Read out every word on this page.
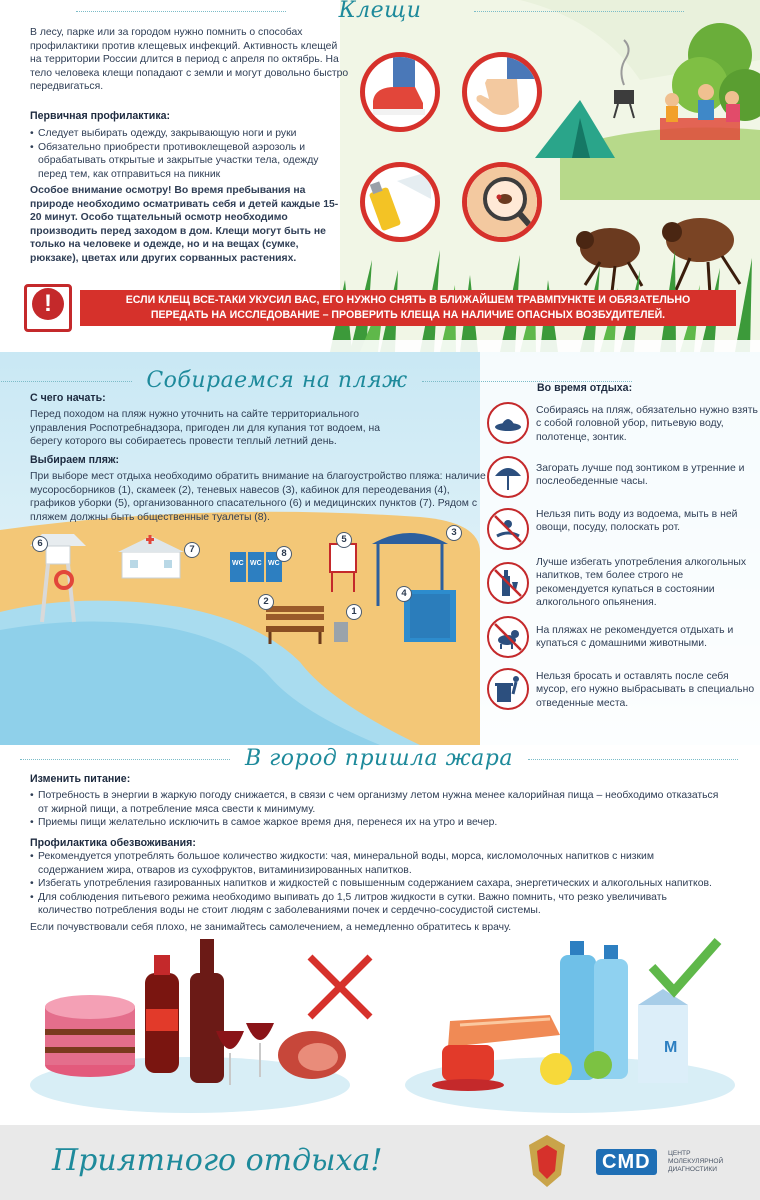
Клещи

В лесу, парке или за городом нужно помнить о способах профилактики против клещевых инфекций. Активность клещей на территории России длится в период с апреля по октябрь. На тело человека клещи попадают с земли и могут довольно быстро передвигаться.

Первичная профилактика:
• Следует выбирать одежду, закрывающую ноги и руки
• Обязательно приобрести противоклещевой аэрозоль и обрабатывать открытые и закрытые участки тела, одежду перед тем, как отправиться на пикник

Особое внимание осмотру! Во время пребывания на природе необходимо осматривать себя и детей каждые 15-20 минут. Особо тщательный осмотр необходимо производить перед заходом в дом. Клещи могут быть не только на человеке и одежде, но и на вещах (сумке, рюкзаке), цветах или других сорванных растениях.

!	ЕСЛИ КЛЕЩ ВСЕ-ТАКИ УКУСИЛ ВАС, ЕГО НУЖНО СНЯТЬ В БЛИЖАЙШЕМ ТРАВМПУНКТЕ И ОБЯЗАТЕЛЬНО
ПЕРЕДАТЬ НА ИССЛЕДОВАНИЕ – ПРОВЕРИТЬ КЛЕЩА НА НАЛИЧИЕ ОПАСНЫХ ВОЗБУДИТЕЛЕЙ.
Собираемся на пляж
С чего начать:

Перед походом на пляж нужно уточнить на сайте территориального управления Роспотребнадзора, пригоден ли для купания тот водоем, на берегу которого вы собираетесь провести теплый летний день.

Выбираем пляж:

При выборе мест отдыха необходимо обратить внимание на благоустройство пляжа: наличие мусоросборников (1), скамеек (2), теневых навесов (3), кабинок для переодевания (4), графиков уборки (5), организованного спасательного (6) и медицинских пунктов (7). Рядом с пляжем должны быть общественные туалеты (8).

WC WC WC
6
7	8
5
3
4
2
1
Во время отдыха:
Собираясь на пляж, обязательно нужно взять с собой головной убор, питьевую воду, полотенце, зонтик.
Загорать лучше под зонтиком в утренние и послеобеденные часы.
Нельзя пить воду из водоема, мыть в ней овощи, посуду, полоскать рот.
Лучше избегать употребления алкогольных напитков, тем более строго не рекомендуется купаться в состоянии алкогольного опьянения.
На пляжах не рекомендуется отдыхать и купаться с домашними животными.
Нельзя бросать и оставлять после себя мусор, его нужно выбрасывать в специально отведенные места.
В город пришла жара
Изменить питание:
• Потребность в энергии в жаркую погоду снижается, в связи с чем организму летом нужна менее калорийная пища – необходимо отказаться от жирной пищи, а потребление мяса свести к минимуму.
• Приемы пищи желательно исключить в самое жаркое время дня, перенеся их на утро и вечер.
Профилактика обезвоживания:
• Рекомендуется употреблять большое количество жидкости: чая, минеральной воды, морса, кисломолочных напитков с низким содержанием жира, отваров из сухофруктов, витаминизированных напитков.
• Избегать употребления газированных напитков и жидкостей с повышенным содержанием сахара, энергетических и алкогольных напитков.
• Для соблюдения питьевого режима необходимо выпивать до 1,5 литров жидкости в сутки. Важно помнить, что резко увеличивать количество потребления воды не стоит людям с заболеваниями почек и сердечно-сосудистой системы.

Если почувствовали себя плохо, не занимайтесь самолечением, а немедленно обратитесь к врачу.

М
Приятного отдыха!	CMD	ЦЕНТР
МОЛЕКУЛЯРНОЙ
ДИАГНОСТИКИ
